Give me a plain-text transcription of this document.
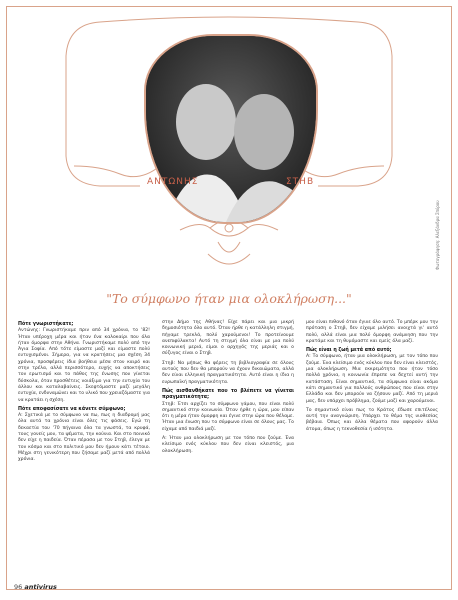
ΑΝΤΩΝΗΣ	ΣΤΗΒ
Φωτογράφηση: Αλεξάνδρα Σπύρου
"Το σύμφωνο ήταν μια ολοκλήρωση..."
Πότε γνωριστήκατε;

Αντώνης: Γνωριστήκαμε πριν από 34 χρόνια, το '82! Ήταν υπέροχη μέρα και ήταν ένα καλοκαίρι που όλα ήταν όμορφα στην Αθήνα. Γνωριστήκαμε πολύ από την Άγια Σοφία. Από τότε είμαστε μαζί και είμαστε πολύ ευτυχισμένοι. Σήμερα, για να κρατήσεις μια σχέση 34 χρόνια, προσφέρεις ίδια βοήθεια μέσα στον καιρό και στην τρέλα, αλλά περισσότερο, ευχής να αποκτήσεις τον ερωτισμό και το πάθος της ένωσης που γίνεται δύσκολα, όταν προσθέτεις νοιάξιμο για την ευτυχία του άλλου και καταλαβαίνεις. Σκεφτόμαστε μαζί μεγάλη ευτυχία, ενδυναμώνει και το υλικό που χρειαζόμαστε για να κρατάει η σχέση.

Πότε αποφασίσατε να κάνετε σύμφωνο;

Α: Σχετικά με το σύμφωνο να πω, πως η διαδρομή μας όλα αυτά τα χρόνια είναι όλες τις φάσεις. Εγώ τη δεκαετία του '70 πήγαινα όλα τα γνωστά, τα κρυφά, τους γονείς μου, τα ψέματα, την κούνια. Και στο ποινικό δεν είχε η παιδεία. Όταν πέρασα με τον Στηβ, έλεγα με τον κόσμο και στο πολιτικό μου δεν ήμουν κάτι τέτοιο. Μέχρι στη γενικότερη που ζήσαμε μαζί μετά από πολλά χρόνια.

στην Δήμο της Αθήνας! Είχε πάρει και μια μικρή δημοσιότητα όλο αυτό. Όταν ήρθε η κατάλληλη στιγμή, πήγαμε τρεκλά, πολύ χαρούμενοι! Το προτείνουμε ανεπιφύλακτα! Αυτό τη στιγμή όλα είναι με μια πολύ κοινωνική μεριά, είμαι ο αρχηγός της μεριάς και ο σύζυγος είναι ο Στηβ.

Στηβ: Να μήπως θα φέρεις τη βιβλιογραφία σε όλους αυτούς που δεν θα μπορούν να έχουν δικαιώματα, αλλά δεν είναι ελληνική πραγματικότητα. Αυτό είναι η ίδια η ευρωπαϊκή πραγματικότητα.

Πώς αισθανθήκατε που το βλέπετε να γίνεται πραγματικότητα;

Στηβ: Έτσι αρχίζει το σύμφωνο γάμου, που είναι πολύ σημαντικό στην κοινωνία. Όταν ήρθε η ώρα, μου είπαν ότι η μέρα ήταν όμορφη και έγινε στην ώρα που θέλαμε. Ήταν μια ένωση που το σύμφωνο είναι σε όλους μας. Το είχαμε από παιδιά μαζί.

Α: Ήταν μια ολοκλήρωση με τον τόπο που ζούμε. Ένα κλείσιμο ενός κύκλου που δεν είναι κλειστός, μια ολοκλήρωση.

μου είναι πιθανό όταν έγινε όλο αυτό. Το μπέρκ μου την πρόταση ο Στηβ, δεν είχαμε μιλήσει ανοιχτά γι' αυτό πολύ, αλλά είναι μια πολύ όμορφη ανάμνηση που την κρατάμε και τη θυμόμαστε και εμείς όλα μαζί.

Πώς είναι η ζωή μετά από αυτό;

Α: Το σύμφωνο, ήταν μια ολοκλήρωση, με τον τόπο που ζούμε. Ένα κλείσιμο ενός κύκλου που δεν είναι κλειστός, μια ολοκλήρωση. Μια εκκρεμότητα που ήταν τόσο πολλά χρόνια, η κοινωνία έπρεπε να δεχτεί αυτή την κατάσταση. Είναι σημαντικό, τα σύμφωνα είναι ακόμα κάτι σημαντικό για πολλούς ανθρώπους που είναι στην Ελλάδα και δεν μπορούν να ζήσουν μαζί. Από τη μεριά μας, δεν υπάρχει πρόβλημα, ζούμε μαζί και χαρούμενοι.

Το σημαντικό είναι πως το Κράτος έδωσε επιτέλους αυτή την αναγνώριση. Υπάρχει το θέμα της υιοθεσίας βέβαια. Όπως και άλλα θέματα που αφορούν άλλα άτομα, όπως η τεκνοθεσία ή ισότητα.

96 antivirus
